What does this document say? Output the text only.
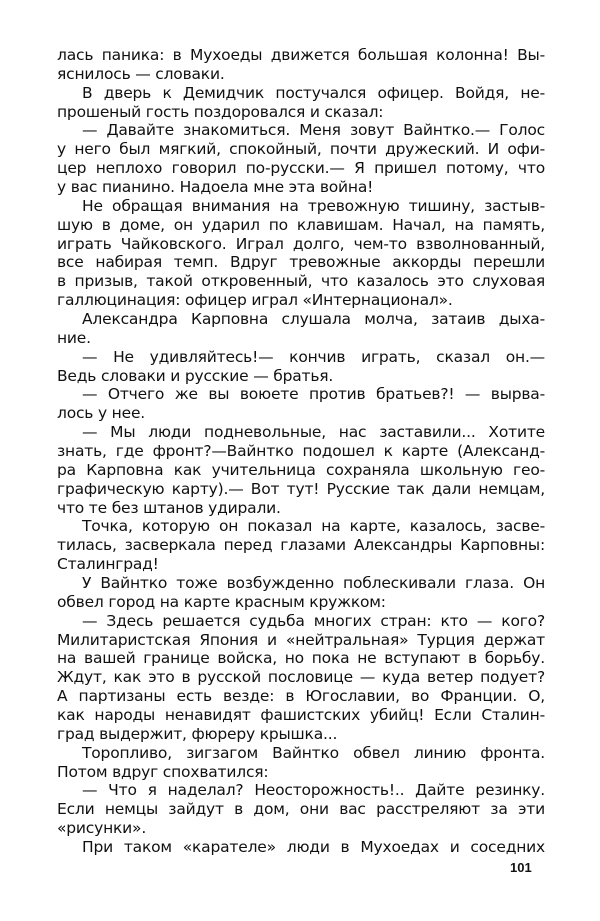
лась паника: в Мухоеды движется большая колонна! Вы-
яснилось — словаки.
В дверь к Демидчик постучался офицер. Войдя, не-
прошеный гость поздоровался и сказал:
— Давайте знакомиться. Меня зовут Вайнтко.— Голос
у него был мягкий, спокойный, почти дружеский. И офи-
цер неплохо говорил по-русски.— Я пришел потому, что
у вас пианино. Надоела мне эта война!
Не обращая внимания на тревожную тишину, застыв-
шую в доме, он ударил по клавишам. Начал, на память,
играть Чайковского. Играл долго, чем-то взволнованный,
все набирая темп. Вдруг тревожные аккорды перешли
в призыв, такой откровенный, что казалось это слуховая
галлюцинация: офицер играл «Интернационал».
Александра Карповна слушала молча, затаив дыха-
ние.
— Не удивляйтесь!— кончив играть, сказал он.—
Ведь словаки и русские — братья.
— Отчего же вы воюете против братьев?! — вырва-
лось у нее.
— Мы люди подневольные, нас заставили... Хотите
знать, где фронт?—Вайнтко подошел к карте (Александ-
ра Карповна как учительница сохраняла школьную гео-
графическую карту).— Вот тут! Русские так дали немцам,
что те без штанов удирали.
Точка, которую он показал на карте, казалось, засве-
тилась, засверкала перед глазами Александры Карповны:
Сталинград!
У Вайнтко тоже возбужденно поблескивали глаза. Он
обвел город на карте красным кружком:
— Здесь решается судьба многих стран: кто — кого?
Милитаристская Япония и «нейтральная» Турция держат
на вашей границе войска, но пока не вступают в борьбу.
Ждут, как это в русской пословице — куда ветер подует?
А партизаны есть везде: в Югославии, во Франции. О,
как народы ненавидят фашистских убийц! Если Сталин-
град выдержит, фюреру крышка...
Торопливо, зигзагом Вайнтко обвел линию фронта.
Потом вдруг спохватился:
— Что я наделал? Неосторожность!.. Дайте резинку.
Если немцы зайдут в дом, они вас расстреляют за эти
«рисунки».
При таком «карателе» люди в Мухоедах и соседних
101
